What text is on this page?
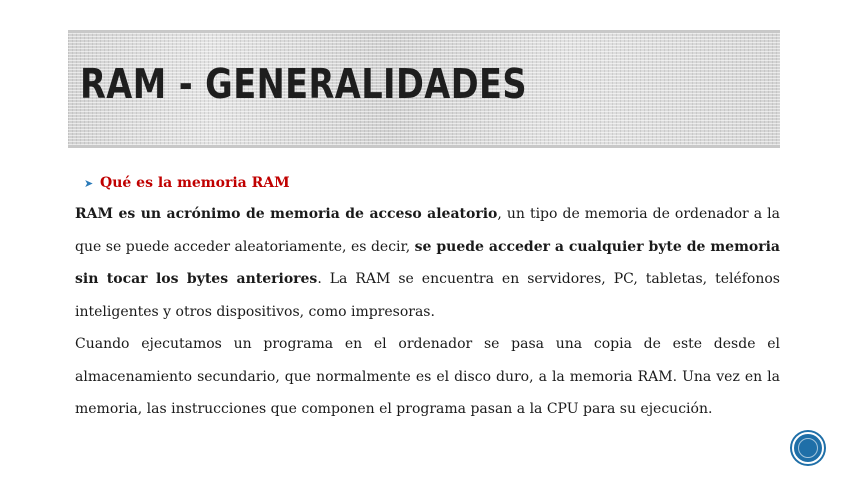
RAM - GENERALIDADES
➤ Qué es la memoria RAM

RAM es un acrónimo de memoria de acceso aleatorio, un tipo de memoria de ordenador a la que se puede acceder aleatoriamente, es decir, se puede acceder a cualquier byte de memoria sin tocar los bytes anteriores. La RAM se encuentra en servidores, PC, tabletas, teléfonos inteligentes y otros dispositivos, como impresoras.

Cuando ejecutamos un programa en el ordenador se pasa una copia de este desde el almacenamiento secundario, que normalmente es el disco duro, a la memoria RAM. Una vez en la memoria, las instrucciones que componen el programa pasan a la CPU para su ejecución.
